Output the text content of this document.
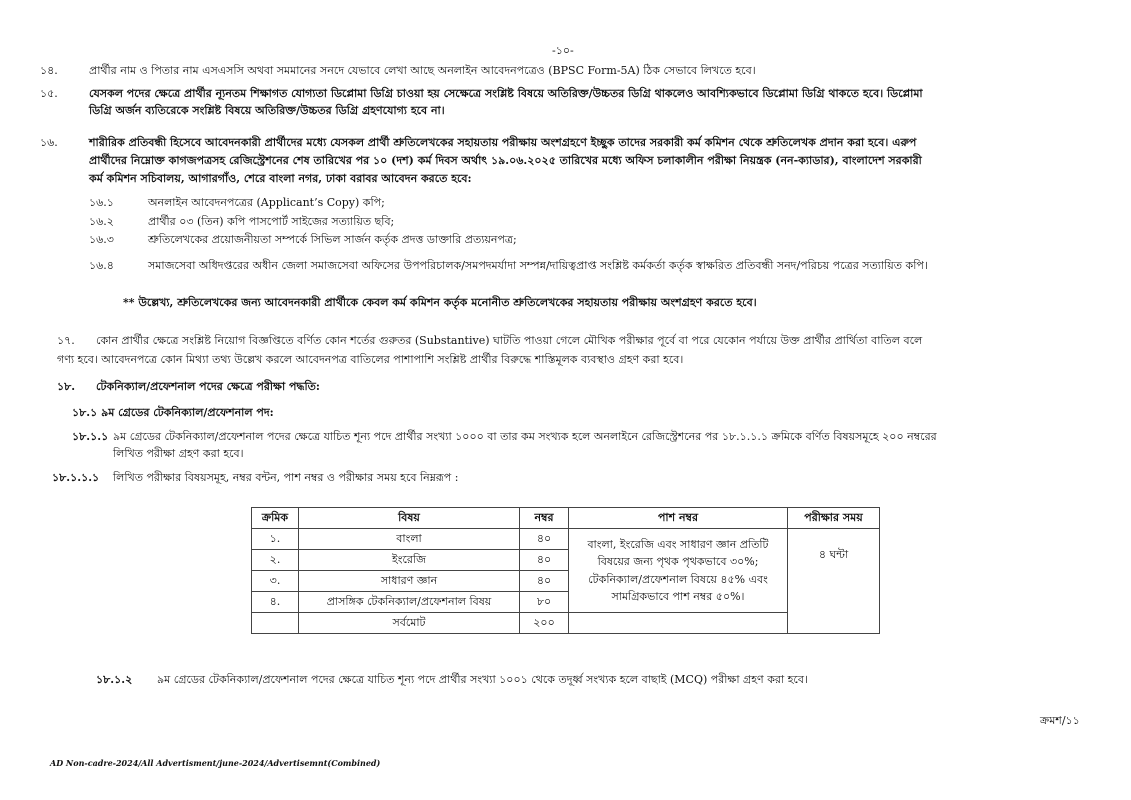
-১০-
১৪.	প্রার্থীর নাম ও পিতার নাম এসএসসি অথবা সমমানের সনদে যেভাবে লেখা আছে অনলাইন আবেদনপত্রেও (BPSC Form-5A) ঠিক সেভাবে লিখতে হবে।
১৫.	যেসকল পদের ক্ষেত্রে প্রার্থীর ন্যূনতম শিক্ষাগত যোগ্যতা ডিপ্লোমা ডিগ্রি চাওয়া হয় সেক্ষেত্রে সংশ্লিষ্ট বিষয়ে অতিরিক্ত/উচ্চতর ডিগ্রি থাকলেও আবশ্যিকভাবে ডিপ্লোমা ডিগ্রি থাকতে হবে। ডিপ্লোমা
ডিগ্রি অর্জন ব্যতিরেকে সংশ্লিষ্ট বিষয়ে অতিরিক্ত/উচ্চতর ডিগ্রি গ্রহণযোগ্য হবে না।
১৬.	শারীরিক প্রতিবন্ধী হিসেবে আবেদনকারী প্রার্থীদের মধ্যে যেসকল প্রার্থী শ্রুতিলেখকের সহায়তায় পরীক্ষায় অংশগ্রহণে ইচ্ছুক তাদের সরকারী কর্ম কমিশন থেকে শ্রুতিলেখক প্রদান করা হবে। এরুপ
প্রার্থীদের নিম্নোক্ত কাগজপত্রসহ রেজিস্ট্রেশনের শেষ তারিখের পর ১০ (দশ) কর্ম দিবস অর্থাৎ ১৯.০৬.২০২৫ তারিখের মধ্যে অফিস চলাকালীন পরীক্ষা নিয়ন্ত্রক (নন-ক্যাডার), বাংলাদেশ সরকারী
কর্ম কমিশন সচিবালয়, আগারগাঁও, শেরে বাংলা নগর, ঢাকা বরাবর আবেদন করতে হবে:
১৬.১	অনলাইন আবেদনপত্রের (Applicant’s Copy) কপি;
১৬.২	প্রার্থীর ০৩ (তিন) কপি পাসপোর্ট সাইজের সত্যায়িত ছবি;
১৬.৩	শ্রুতিলেখকের প্রয়োজনীয়তা সম্পর্কে সিভিল সার্জন কর্তৃক প্রদত্ত ডাক্তারি প্রত্যয়নপত্র;
১৬.৪	সমাজসেবা অধিদপ্তরের অধীন জেলা সমাজসেবা অফিসের উপপরিচালক/সমপদমর্যাদা সম্পন্ন/দায়িত্বপ্রাপ্ত সংশ্লিষ্ট কর্মকর্তা কর্তৃক স্বাক্ষরিত প্রতিবন্ধী সনদ/পরিচয় পত্রের সত্যায়িত কপি।
** উল্লেখ্য, শ্রুতিলেখকের জন্য আবেদনকারী প্রার্থীকে কেবল কর্ম কমিশন কর্তৃক মনোনীত শ্রুতিলেখকের সহায়তায় পরীক্ষায় অংশগ্রহণ করতে হবে।
১৭. কোন প্রার্থীর ক্ষেত্রে সংশ্লিষ্ট নিয়োগ বিজ্ঞপ্তিতে বর্ণিত কোন শর্তের গুরুতর (Substantive) ঘাটতি পাওয়া গেলে মৌখিক পরীক্ষার পূর্বে বা পরে যেকোন পর্যায়ে উক্ত প্রার্থীর প্রার্থিতা বাতিল বলে
গণ্য হবে। আবেদনপত্রে কোন মিথ্যা তথ্য উল্লেখ করলে আবেদনপত্র বাতিলের পাশাপাশি সংশ্লিষ্ট প্রার্থীর বিরুদ্ধে শাস্তিমূলক ব্যবস্থাও গ্রহণ করা হবে।
১৮. টেকনিক্যাল/প্রফেশনাল পদের ক্ষেত্রে পরীক্ষা পদ্ধতি:
১৮.১ ৯ম গ্রেডের টেকনিক্যাল/প্রফেশনাল পদ:
১৮.১.১ ৯ম গ্রেডের টেকনিক্যাল/প্রফেশনাল পদের ক্ষেত্রে যাচিত শূন্য পদে প্রার্থীর সংখ্যা ১০০০ বা তার কম সংখ্যক হলে অনলাইনে রেজিস্ট্রেশনের পর ১৮.১.১.১ ক্রমিকে বর্ণিত বিষয়সমূহে ২০০ নম্বরের
লিখিত পরীক্ষা গ্রহণ করা হবে।
১৮.১.১.১ লিখিত পরীক্ষার বিষয়সমূহ, নম্বর বন্টন, পাশ নম্বর ও পরীক্ষার সময় হবে নিম্নরূপ :
ক্রমিক	বিষয়	নম্বর	পাশ নম্বর	পরীক্ষার সময়
১.	বাংলা	৪০	বাংলা, ইংরেজি এবং সাধারণ জ্ঞান প্রতিটি
বিষয়ের জন্য পৃথক পৃথকভাবে ৩০%;
টেকনিক্যাল/প্রফেশনাল বিষয়ে ৪৫% এবং
সামগ্রিকভাবে পাশ নম্বর ৫০%।	৪ ঘন্টা
২.	ইংরেজি	৪০		
৩.	সাধারণ জ্ঞান	৪০		
৪.	প্রাসঙ্গিক টেকনিক্যাল/প্রফেশনাল বিষয়	৮০		
	সর্বমোট	২০০		
১৮.১.২ ৯ম গ্রেডের টেকনিক্যাল/প্রফেশনাল পদের ক্ষেত্রে যাচিত শূন্য পদে প্রার্থীর সংখ্যা ১০০১ থেকে তদূর্ধ্ব সংখ্যক হলে বাছাই (MCQ) পরীক্ষা গ্রহণ করা হবে।
ক্রমশ/১১
AD Non-cadre-2024/All Advertisment/june-2024/Advertisemnt(Combined)
